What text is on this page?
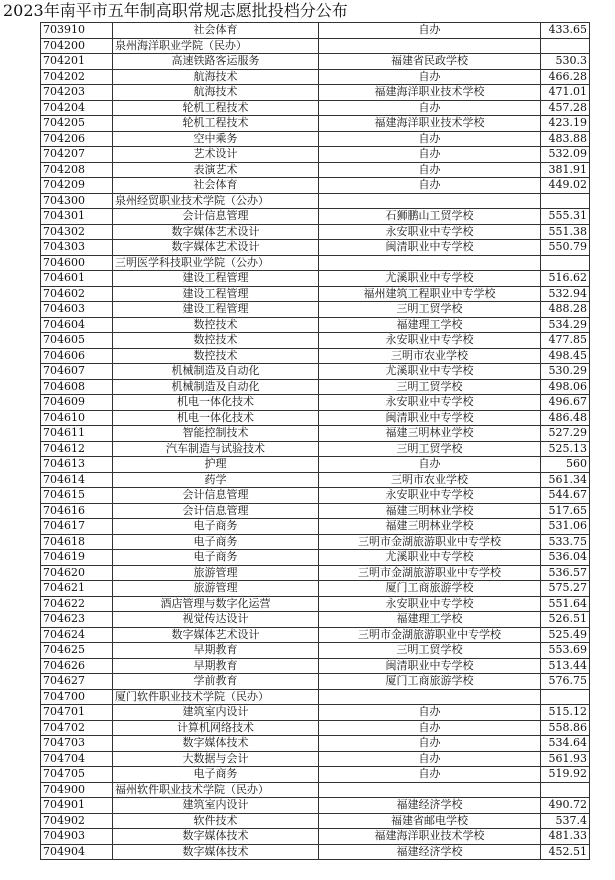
2023年南平市五年制高职常规志愿批投档分公布
703910	社会体育	自办	433.65
704200	泉州海洋职业学院（民办）		
704201	高速铁路客运服务	福建省民政学校	530.3
704202	航海技术	自办	466.28
704203	航海技术	福建海洋职业技术学校	471.01
704204	轮机工程技术	自办	457.28
704205	轮机工程技术	福建海洋职业技术学校	423.19
704206	空中乘务	自办	483.88
704207	艺术设计	自办	532.09
704208	表演艺术	自办	381.91
704209	社会体育	自办	449.02
704300	泉州经贸职业技术学院（公办）		
704301	会计信息管理	石狮鹏山工贸学校	555.31
704302	数字媒体艺术设计	永安职业中专学校	551.38
704303	数字媒体艺术设计	闽清职业中专学校	550.79
704600	三明医学科技职业学院（公办）		
704601	建设工程管理	尤溪职业中专学校	516.62
704602	建设工程管理	福州建筑工程职业中专学校	532.94
704603	建设工程管理	三明工贸学校	488.28
704604	数控技术	福建理工学校	534.29
704605	数控技术	永安职业中专学校	477.85
704606	数控技术	三明市农业学校	498.45
704607	机械制造及自动化	尤溪职业中专学校	530.29
704608	机械制造及自动化	三明工贸学校	498.06
704609	机电一体化技术	永安职业中专学校	496.67
704610	机电一体化技术	闽清职业中专学校	486.48
704611	智能控制技术	福建三明林业学校	527.29
704612	汽车制造与试验技术	三明工贸学校	525.13
704613	护理	自办	560
704614	药学	三明市农业学校	561.34
704615	会计信息管理	永安职业中专学校	544.67
704616	会计信息管理	福建三明林业学校	517.65
704617	电子商务	福建三明林业学校	531.06
704618	电子商务	三明市金湖旅游职业中专学校	533.75
704619	电子商务	尤溪职业中专学校	536.04
704620	旅游管理	三明市金湖旅游职业中专学校	536.57
704621	旅游管理	厦门工商旅游学校	575.27
704622	酒店管理与数字化运营	永安职业中专学校	551.64
704623	视觉传达设计	福建理工学校	526.51
704624	数字媒体艺术设计	三明市金湖旅游职业中专学校	525.49
704625	早期教育	三明工贸学校	553.69
704626	早期教育	闽清职业中专学校	513.44
704627	学前教育	厦门工商旅游学校	576.75
704700	厦门软件职业技术学院（民办）		
704701	建筑室内设计	自办	515.12
704702	计算机网络技术	自办	558.86
704703	数字媒体技术	自办	534.64
704704	大数据与会计	自办	561.93
704705	电子商务	自办	519.92
704900	福州软件职业技术学院（民办）		
704901	建筑室内设计	福建经济学校	490.72
704902	软件技术	福建省邮电学校	537.4
704903	数字媒体技术	福建海洋职业技术学校	481.33
704904	数字媒体技术	福建经济学校	452.51
